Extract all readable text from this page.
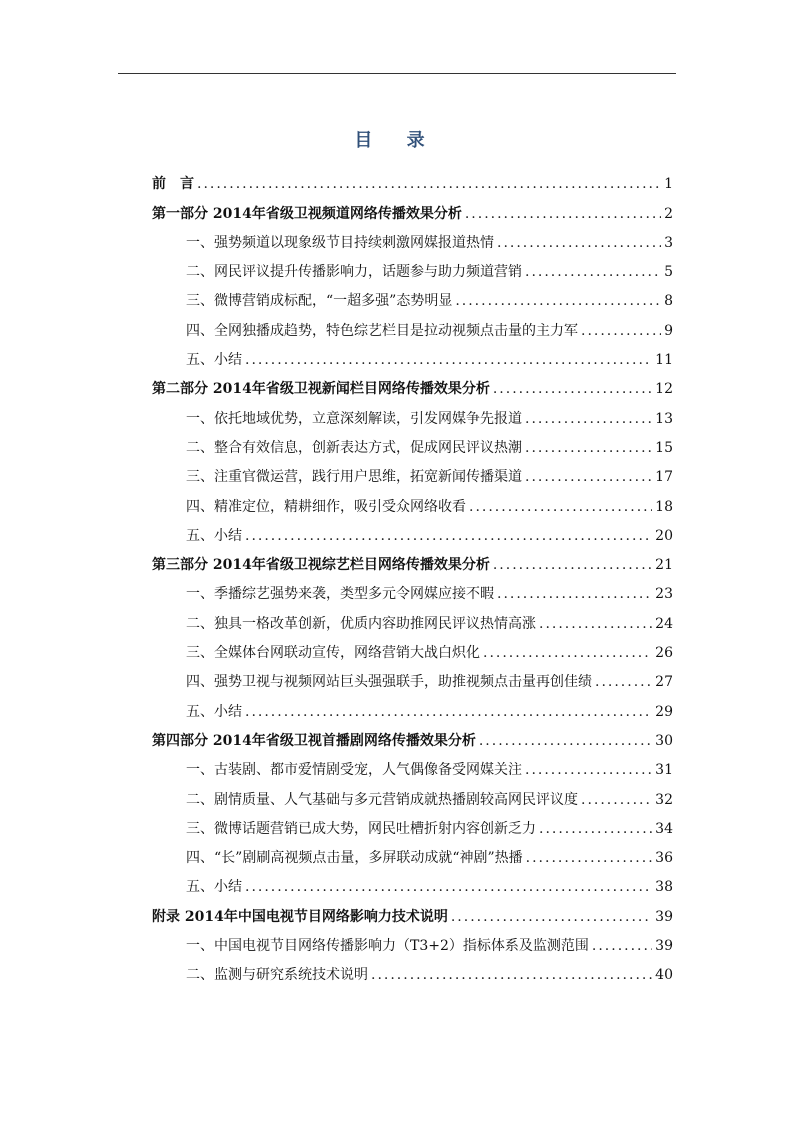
目 录
前　言 .....	1
第一部分 2014年省级卫视频道网络传播效果分析 .....	2
一、强势频道以现象级节目持续刺激网媒报道热情 .....	3
二、网民评议提升传播影响力，话题参与助力频道营销 .....	5
三、微博营销成标配，“一超多强”态势明显 .....	8
四、全网独播成趋势，特色综艺栏目是拉动视频点击量的主力军 .....	9
五、小结 .....	11
第二部分 2014年省级卫视新闻栏目网络传播效果分析 .....	12
一、依托地域优势，立意深刻解读，引发网媒争先报道 .....	13
二、整合有效信息，创新表达方式，促成网民评议热潮 .....	15
三、注重官微运营，践行用户思维，拓宽新闻传播渠道 .....	17
四、精准定位，精耕细作，吸引受众网络收看 .....	18
五、小结 .....	20
第三部分 2014年省级卫视综艺栏目网络传播效果分析 .....	21
一、季播综艺强势来袭，类型多元令网媒应接不暇 .....	23
二、独具一格改革创新，优质内容助推网民评议热情高涨 .....	24
三、全媒体台网联动宣传，网络营销大战白炽化 .....	26
四、强势卫视与视频网站巨头强强联手，助推视频点击量再创佳绩 .....	27
五、小结 .....	29
第四部分 2014年省级卫视首播剧网络传播效果分析 .....	30
一、古装剧、都市爱情剧受宠，人气偶像备受网媒关注 .....	31
二、剧情质量、人气基础与多元营销成就热播剧较高网民评议度 .....	32
三、微博话题营销已成大势，网民吐槽折射内容创新乏力 .....	34
四、“长”剧刷高视频点击量，多屏联动成就“神剧”热播 .....	36
五、小结 .....	38
附录 2014年中国电视节目网络影响力技术说明 .....	39
一、中国电视节目网络传播影响力（T3+2）指标体系及监测范围 .....	39
二、监测与研究系统技术说明 .....	40
